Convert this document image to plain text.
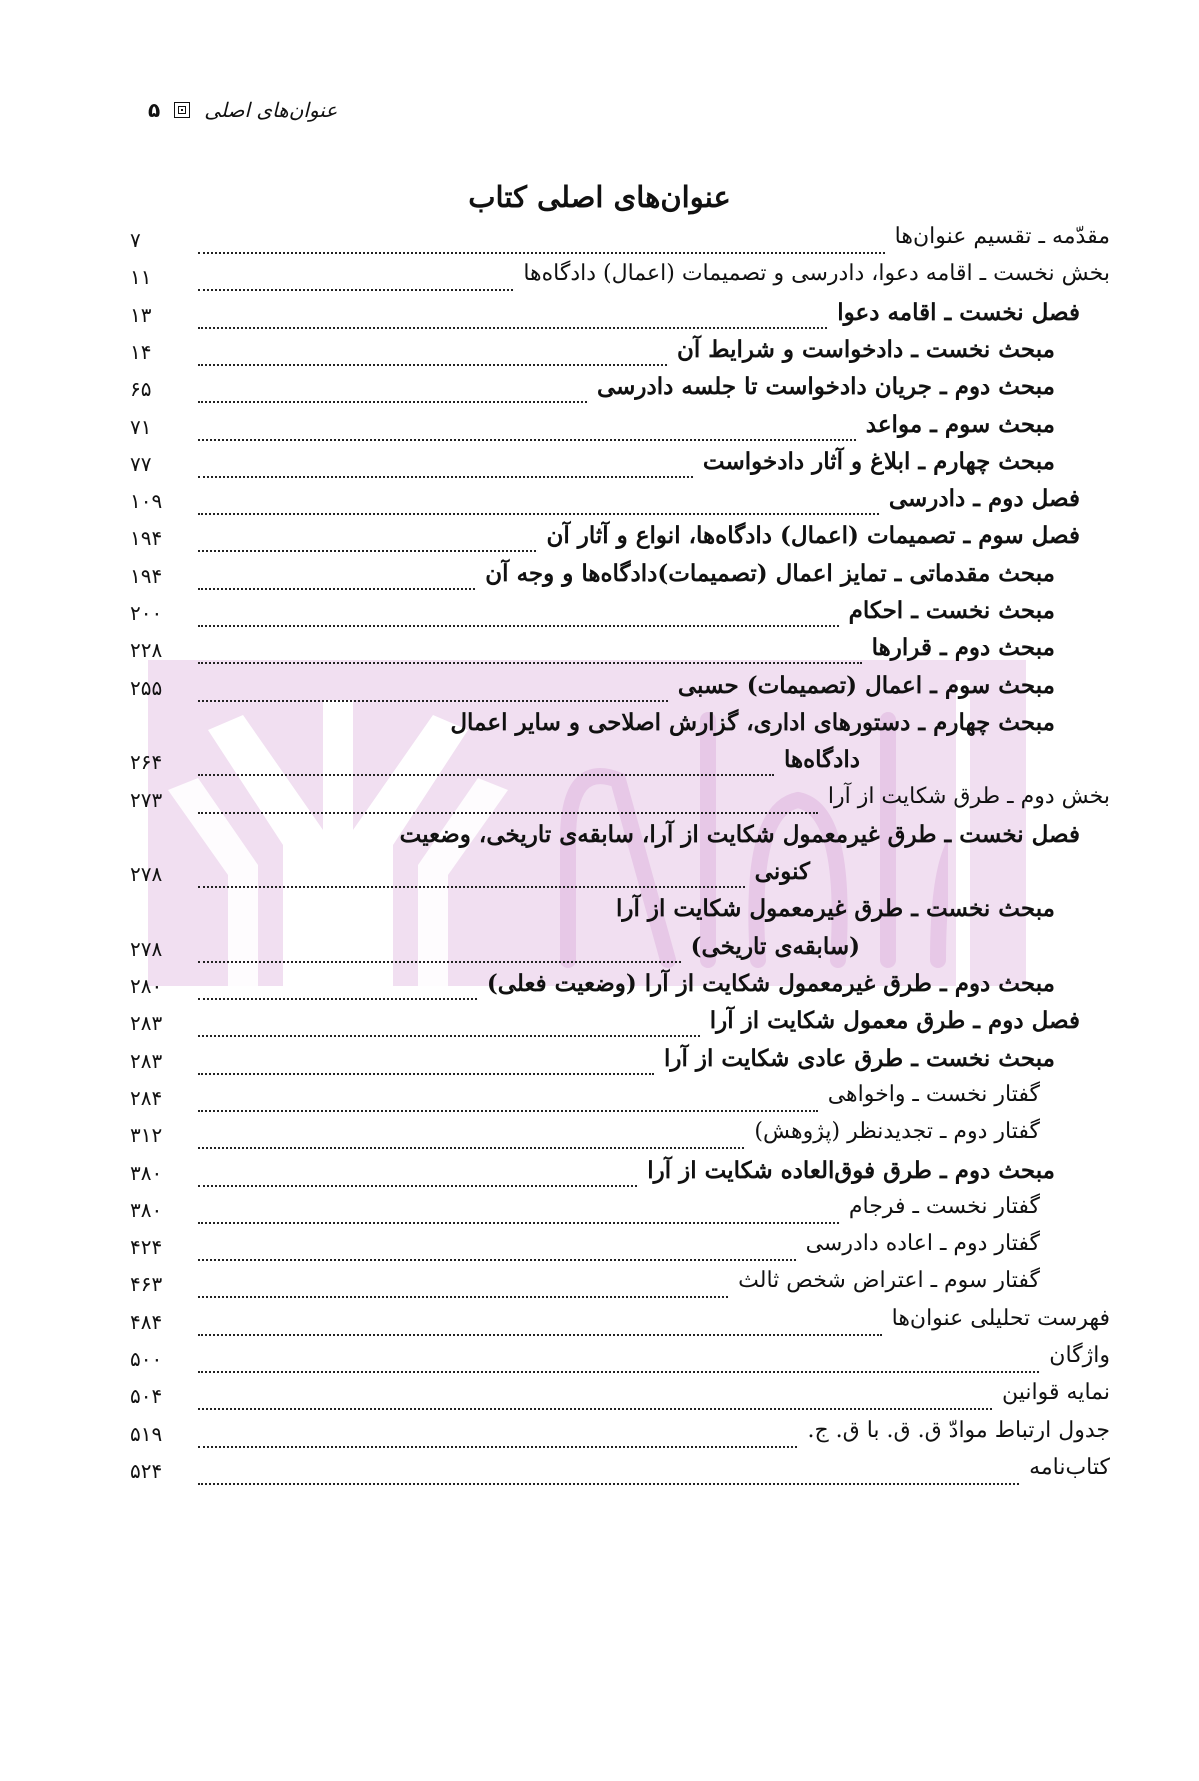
۵ عنوان‌های اصلی
عنوان‌های اصلی کتاب
۷	مقدّمه ـ تقسیم عنوان‌ها
۱۱	بخش نخست ـ اقامه دعوا، دادرسی و تصمیمات (اعمال) دادگاه‌ها
۱۳	فصل نخست ـ اقامه دعوا
۱۴	مبحث نخست ـ دادخواست و شرایط آن
۶۵	مبحث دوم ـ جریان دادخواست تا جلسه دادرسی
۷۱	مبحث سوم ـ مواعد
۷۷	مبحث چهارم ـ ابلاغ و آثار دادخواست
۱۰۹	فصل دوم ـ دادرسی
۱۹۴	فصل سوم ـ تصمیمات (اعمال) دادگاه‌ها، انواع و آثار آن
۱۹۴	مبحث مقدماتی ـ تمایز اعمال (تصمیمات)دادگاه‌ها و وجه آن
۲۰۰	مبحث نخست ـ احکام
۲۲۸	مبحث دوم ـ قرارها
۲۵۵	مبحث سوم ـ اعمال (تصمیمات) حسبی
مبحث چهارم ـ دستورهای اداری، گزارش اصلاحی و سایر اعمال
۲۶۴	دادگاه‌ها
۲۷۳	بخش دوم ـ طرق شکایت از آرا
فصل نخست ـ طرق غیرمعمول شکایت از آرا، سابقه‌ی تاریخی، وضعیت
۲۷۸	کنونی
مبحث نخست ـ طرق غیرمعمول شکایت از آرا
۲۷۸	(سابقه‌ی تاریخی)
۲۸۰	مبحث دوم ـ طرق غیرمعمول شکایت از آرا (وضعیت فعلی)
۲۸۳	فصل دوم ـ طرق معمول شکایت از آرا
۲۸۳	مبحث نخست ـ طرق عادی شکایت از آرا
۲۸۴	گفتار نخست ـ واخواهی
۳۱۲	گفتار دوم ـ تجدیدنظر (پژوهش)
۳۸۰	مبحث دوم ـ طرق فوق‌العاده شکایت از آرا
۳۸۰	گفتار نخست ـ فرجام
۴۲۴	گفتار دوم ـ اعاده دادرسی
۴۶۳	گفتار سوم ـ اعتراض شخص ثالث
۴۸۴	فهرست تحلیلی عنوان‌ها
۵۰۰	واژگان
۵۰۴	نمایه قوانین
۵۱۹	جدول ارتباط موادّ ق. ق. با ق. ج.
۵۲۴	کتاب‌نامه
